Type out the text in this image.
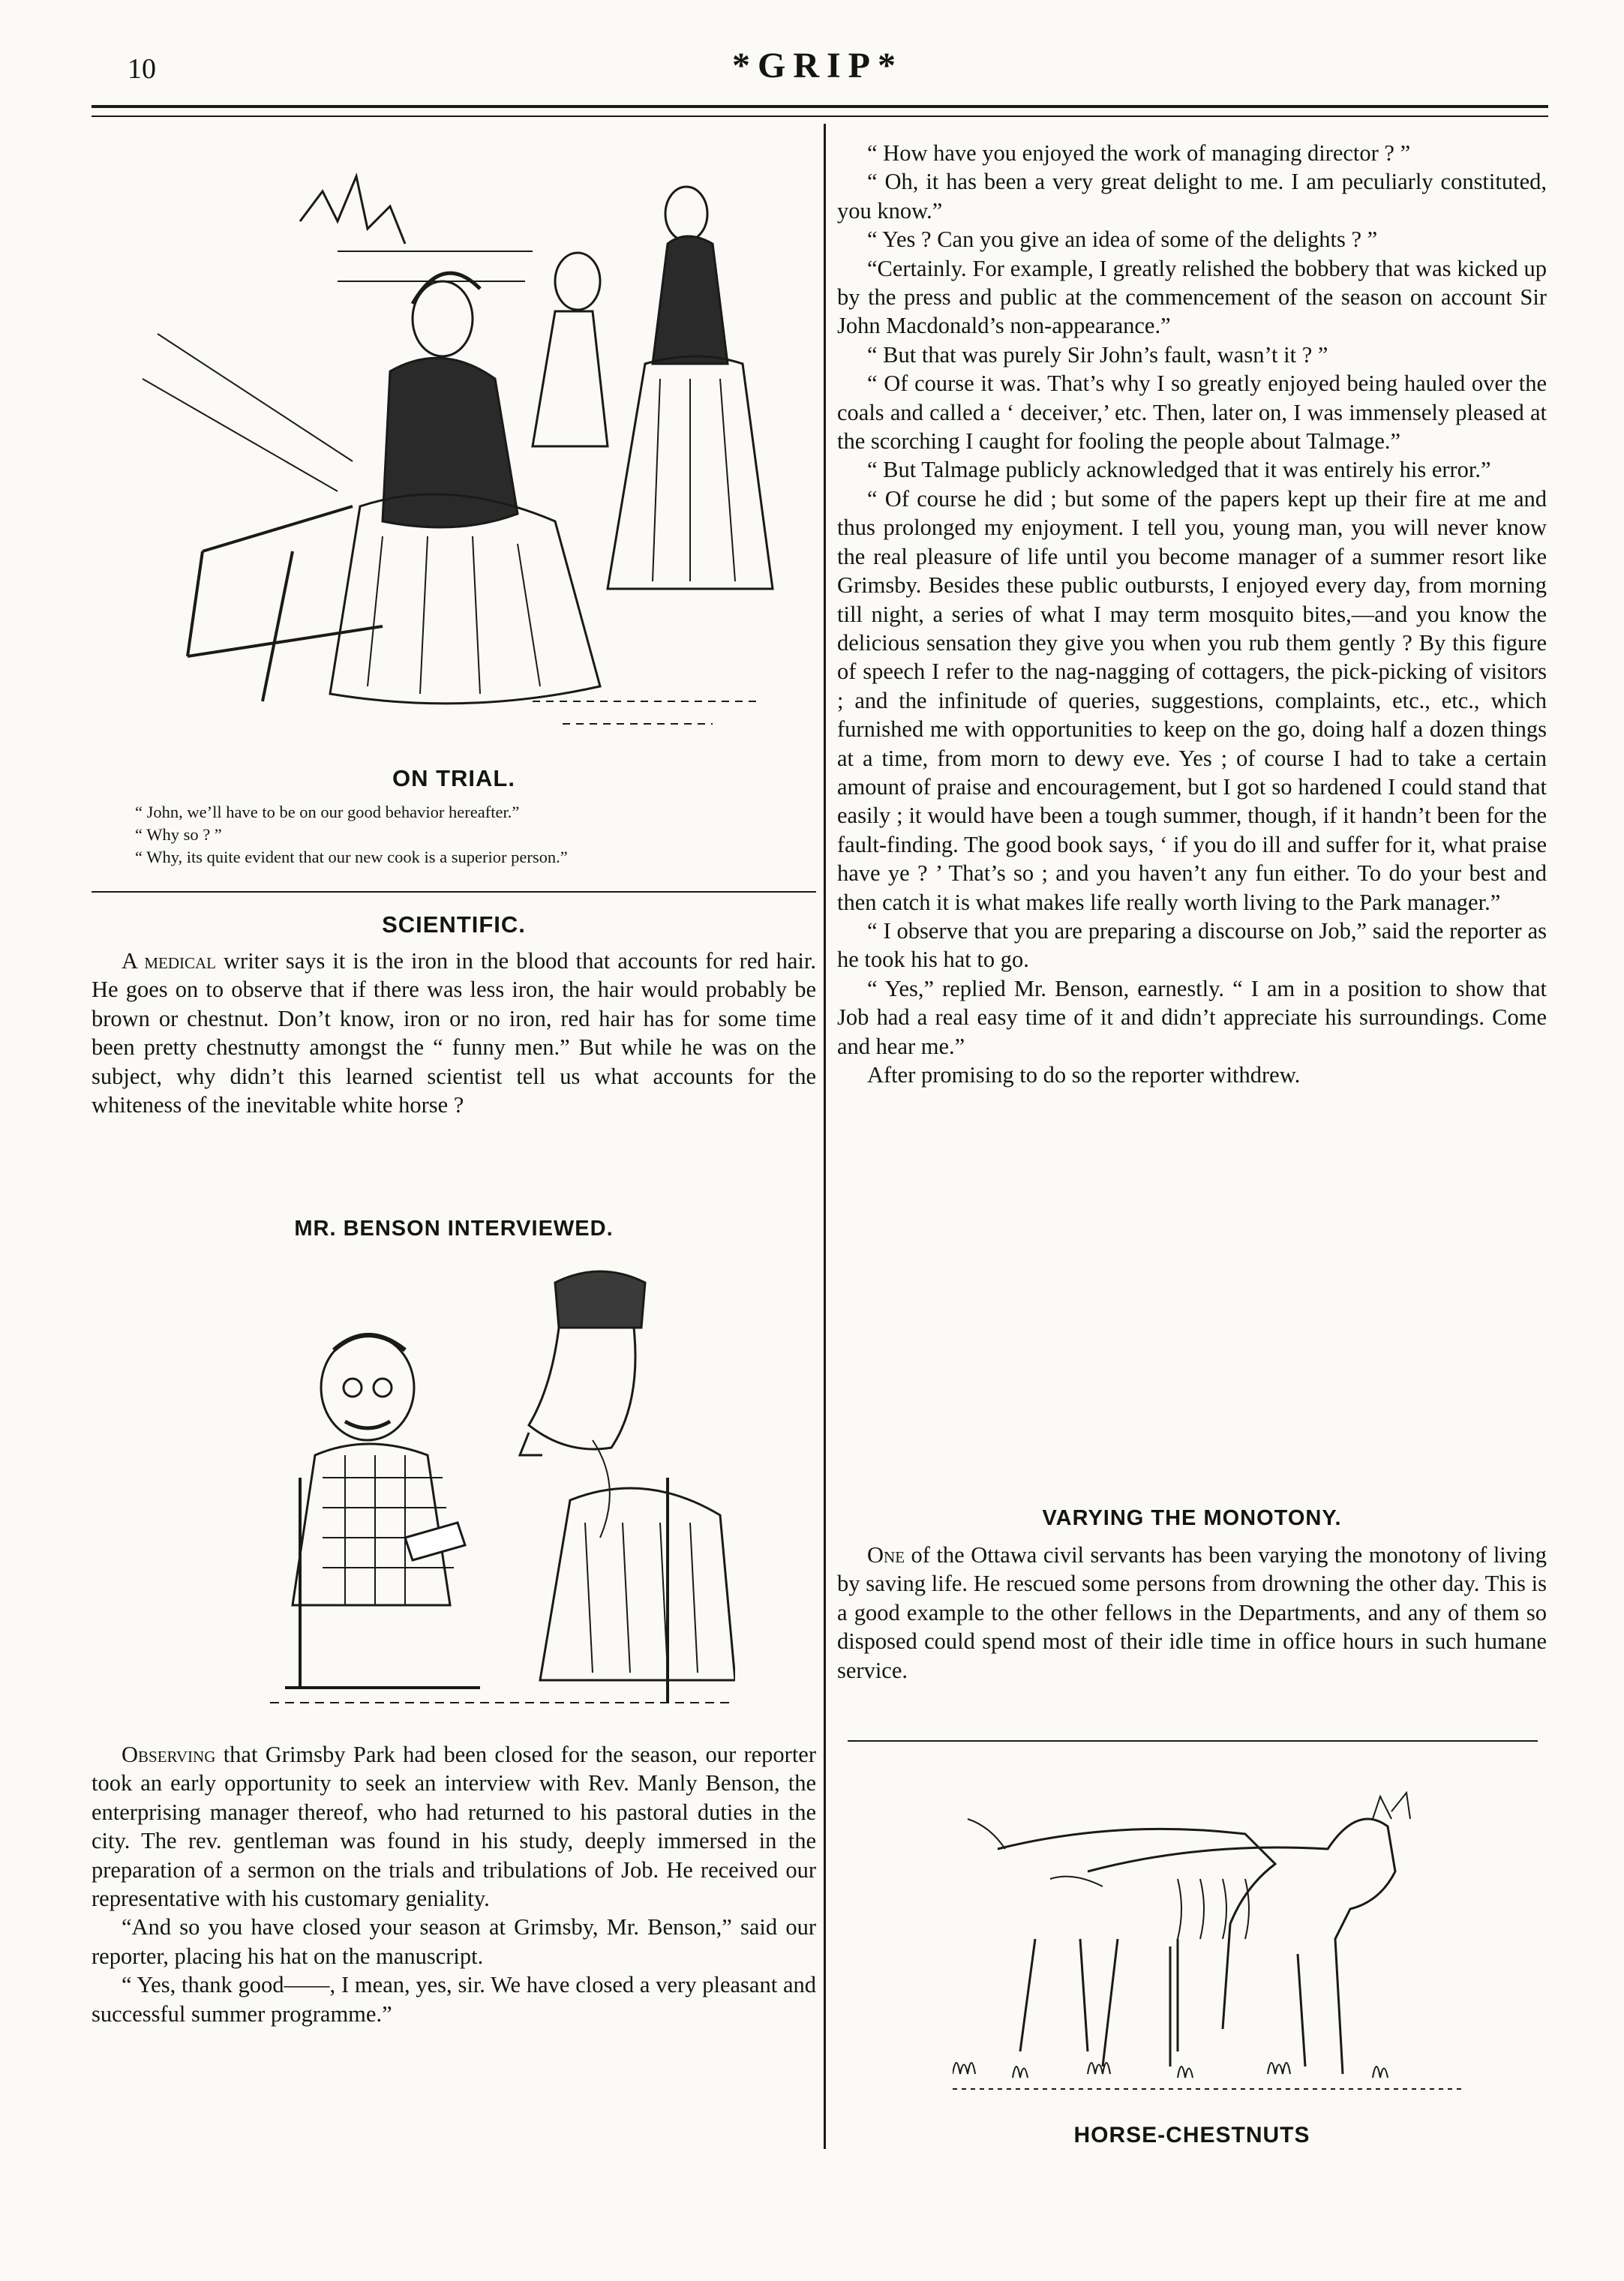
10	*GRIP*
ON TRIAL.
“ John, we’ll have to be on our good behavior hereafter.”
“ Why so ? ”
“ Why, its quite evident that our new cook is a superior person.”
SCIENTIFIC.

A medical writer says it is the iron in the blood that accounts for red hair. He goes on to observe that if there was less iron, the hair would probably be brown or chestnut. Don’t know, iron or no iron, red hair has for some time been pretty chestnutty amongst the “ funny men.” But while he was on the subject, why didn’t this learned scientist tell us what accounts for the whiteness of the inevitable white horse ?

MR. BENSON INTERVIEWED.

Observing that Grimsby Park had been closed for the season, our reporter took an early opportunity to seek an interview with Rev. Manly Benson, the enterprising manager thereof, who had returned to his pastoral duties in the city. The rev. gentleman was found in his study, deeply immersed in the preparation of a sermon on the trials and tribulations of Job. He received our representative with his customary geniality.

“And so you have closed your season at Grimsby, Mr. Benson,” said our reporter, placing his hat on the manuscript.

“ Yes, thank good——, I mean, yes, sir. We have closed a very pleasant and successful summer programme.”

“ How have you enjoyed the work of managing director ? ”

“ Oh, it has been a very great delight to me. I am peculiarly constituted, you know.”

“ Yes ? Can you give an idea of some of the delights ? ”

“Certainly. For example, I greatly relished the bobbery that was kicked up by the press and public at the commencement of the season on account Sir John Macdonald’s non-appearance.”

“ But that was purely Sir John’s fault, wasn’t it ? ”

“ Of course it was. That’s why I so greatly enjoyed being hauled over the coals and called a ‘ deceiver,’ etc. Then, later on, I was immensely pleased at the scorching I caught for fooling the people about Talmage.”

“ But Talmage publicly acknowledged that it was entirely his error.”

“ Of course he did ; but some of the papers kept up their fire at me and thus prolonged my enjoyment. I tell you, young man, you will never know the real pleasure of life until you become manager of a summer resort like Grimsby. Besides these public outbursts, I enjoyed every day, from morning till night, a series of what I may term mosquito bites,—and you know the delicious sensation they give you when you rub them gently ? By this figure of speech I refer to the nag-nagging of cottagers, the pick-picking of visitors ; and the infinitude of queries, suggestions, complaints, etc., etc., which furnished me with opportunities to keep on the go, doing half a dozen things at a time, from morn to dewy eve. Yes ; of course I had to take a certain amount of praise and encouragement, but I got so hardened I could stand that easily ; it would have been a tough summer, though, if it handn’t been for the fault-finding. The good book says, ‘ if you do ill and suffer for it, what praise have ye ? ’ That’s so ; and you haven’t any fun either. To do your best and then catch it is what makes life really worth living to the Park manager.”

“ I observe that you are preparing a discourse on Job,” said the reporter as he took his hat to go.

“ Yes,” replied Mr. Benson, earnestly. “ I am in a position to show that Job had a real easy time of it and didn’t appreciate his surroundings. Come and hear me.”

After promising to do so the reporter withdrew.

VARYING THE MONOTONY.

One of the Ottawa civil servants has been varying the monotony of living by saving life. He rescued some persons from drowning the other day. This is a good example to the other fellows in the Departments, and any of them so disposed could spend most of their idle time in office hours in such humane service.

HORSE-CHESTNUTS
